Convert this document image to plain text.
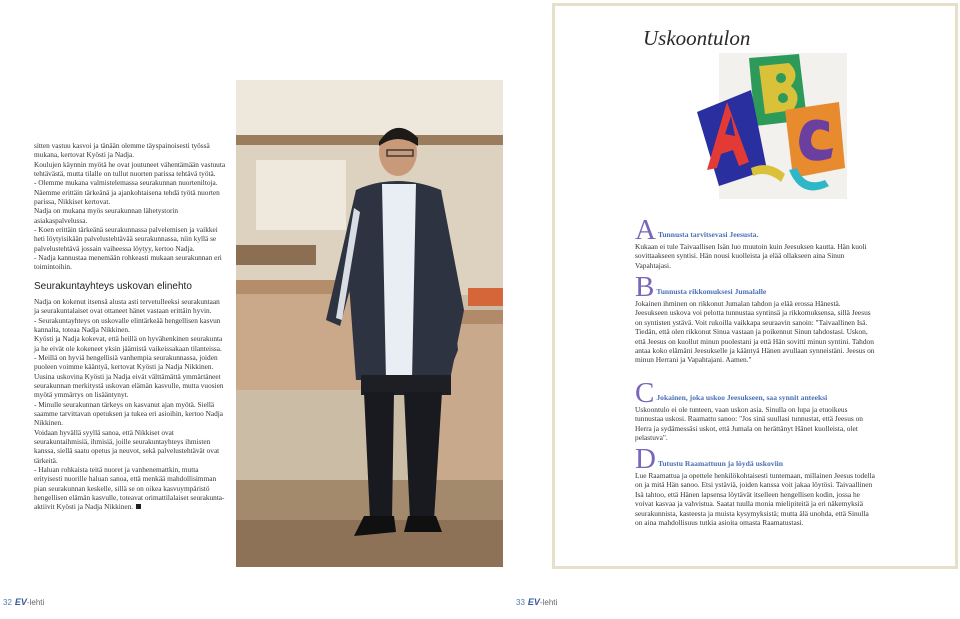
sitten vastuu kasvoi ja tänään olemme täyspainoisesti työssä mukana, kertovat Kyösti ja Nadja.

Koulujen käynnin myötä he ovat joutuneet vähentämään vastuuta tehtävästä, mutta tilalle on tullut nuorten parissa tehtävä työtä.

- Olemme mukana valmistelemassa seurakunnan nuorteniltoja. Näemme erittäin tärkeänä ja ajankohtaisena tehdä työtä nuorten parissa, Nikkiset kertovat.

Nadja on mukana myös seurakunnan lähetystorin asiakaspalvelussa.

- Koen erittäin tärkeänä seurakunnassa palvelemisen ja vaikkei heti löytyisikään palvelustehtävää seurakunnassa, niin kyllä se palvelustehtävä jossain vaiheessa löytyy, kertoo Nadja.

- Nadja kannustaa menemään rohkeasti mukaan seurakunnan eri toimintoihin.

Seurakuntayhteys uskovan elinehto

Nadja on kokenut itsensä alusta asti tervetulleeksi seurakuntaan ja seurakuntalaiset ovat ottaneet hänet vastaan erittäin hyvin.

- Seurakuntayhteys on uskovalle elintärkeää hengellisen kasvun kannalta, toteaa Nadja Nikkinen.

Kyösti ja Nadja kokevat, että heillä on hyvähenkinen seurakunta ja he eivät ole kokeneet yksin jäämistä vaikeissakaan tilanteissa.

- Meillä on hyviä hengellisiä vanhempia seurakunnassa, joiden puoleen voimme kääntyä, kertovat Kyösti ja Nadja Nikkinen.

Uusina uskovina Kyösti ja Nadja eivät välttämättä ymmärtäneet seurakunnan merkitystä uskovan elämän kasvulle, mutta vuosien myötä ymmärrys on lisääntynyt.

- Minulle seurakunnan tärkeys on kasvanut ajan myötä. Siellä saamme tarvittavan opetuksen ja tukea eri asioihin, kertoo Nadja Nikkinen.

Voidaan hyvällä syyllä sanoa, että Nikkiset ovat seurakuntaihmisiä, ihmisiä, joille seurakuntayhteys ihmisten kanssa, siellä saatu opetus ja neuvot, sekä palvelustehtävät ovat tärkeitä.

- Haluan rohkaista teitä nuoret ja vanhenemattkin, mutta erityisesti nuorille haluan sanoa, että menkää mahdollisimman pian seurakunnan keskelle, sillä se on oikea kasvuympäristö hengellisen elämän kasvulle, toteavat orimattilalaiset seurakunta-aktiivit Kyösti ja Nadja Nikkinen.

32 EV-lehti
Uskoontulon
A Tunnusta tarvitsevasi Jeesusta.
Kukaan ei tule Taivaallisen Isän luo muutoin kuin Jeesuksen kautta. Hän kuoli sovittaakseen syntisi. Hän nousi kuolleista ja elää ollakseen aina Sinun Vapahtajasi.
B Tunnusta rikkomuksesi Jumalalle
Jokainen ihminen on rikkonut Jumalan tahdon ja elää erossa Hänestä. Jeesukseen uskova voi pelotta tunnustaa syntinsä ja rikkomuksensa, sillä Jeesus on syntisten ystävä. Voit rukoilla vaikkapa seuraavin sanoin: "Taivaallinen Isä. Tiedän, että olen rikkonut Sinua vastaan ja poikennut Sinun tahdostasi. Uskon, että Jeesus on kuollut minun puolestani ja että Hän sovitti minun syntini. Tahdon antaa koko elämäni Jeesukselle ja kääntyä Hänen avullaan synneistäni. Jeesus on minun Herrani ja Vapahtajani. Aamen."
C Jokainen, joka uskoo Jeesukseen, saa synnit anteeksi
Uskoontulo ei ole tunteen, vaan uskon asia. Sinulla on lupa ja etuoikeus tunnustaa uskosi. Raamattu sanoo: "Jos sinä suullasi tunnustat, että Jeesus on Herra ja sydämessäsi uskot, että Jumala on herättänyt Hänet kuolleista, olet pelastuva".
D Tutustu Raamattuun ja löydä uskoviin
Lue Raamattua ja opettele henkilökohtaisesti tuntemaan, millainen Jeesus todella on ja mitä Hän sanoo. Etsi ystäviä, joiden kanssa voit jakaa löytösi. Taivaallinen Isä tahtoo, että Hänen lapsensa löytävät itselleen hengellisen kodin, jossa he voivat kasvaa ja vahvistua. Saatat tuulla monia mielipiteitä ja eri näkemyksiä seurakunnista, kasteesta ja muista kysymyksistä; mutta älä unohda, että Sinulla on aina mahdollisuus tutkia asioita omasta Raamatustasi.
33 EV-lehti
